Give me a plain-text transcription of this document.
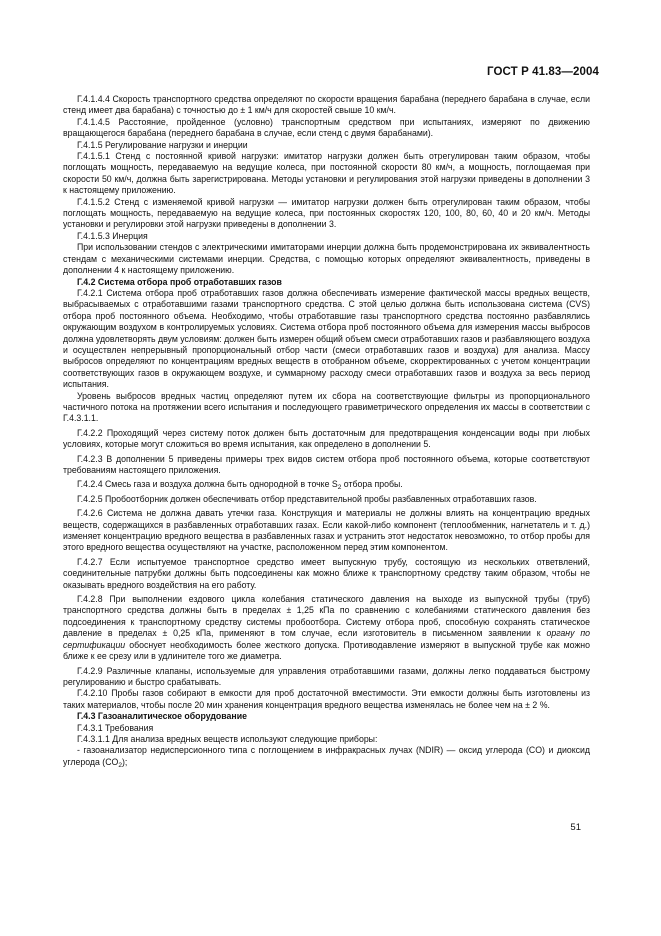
ГОСТ Р 41.83—2004

Г.4.1.4.4 Скорость транспортного средства определяют по скорости вращения барабана (переднего барабана в случае, если стенд имеет два барабана) с точностью до ± 1 км/ч для скоростей свыше 10 км/ч.

Г.4.1.4.5 Расстояние, пройденное (условно) транспортным средством при испытаниях, измеряют по движению вращающегося барабана (переднего барабана в случае, если стенд с двумя барабанами).

Г.4.1.5 Регулирование нагрузки и инерции

Г.4.1.5.1 Стенд с постоянной кривой нагрузки: имитатор нагрузки должен быть отрегулирован таким образом, чтобы поглощать мощность, передаваемую на ведущие колеса, при постоянной скорости 80 км/ч, а мощность, поглощаемая при скорости 50 км/ч, должна быть зарегистрирована. Методы установки и регулирования этой нагрузки приведены в дополнении 3 к настоящему приложению.

Г.4.1.5.2 Стенд с изменяемой кривой нагрузки — имитатор нагрузки должен быть отрегулирован таким образом, чтобы поглощать мощность, передаваемую на ведущие колеса, при постоянных скоростях 120, 100, 80, 60, 40 и 20 км/ч. Методы установки и регулировки этой нагрузки приведены в дополнении 3.

Г.4.1.5.3 Инерция

При использовании стендов с электрическими имитаторами инерции должна быть продемонстрирована их эквивалентность стендам с механическими системами инерции. Средства, с помощью которых определяют эквивалентность, приведены в дополнении 4 к настоящему приложению.

Г.4.2 Система отбора проб отработавших газов

Г.4.2.1 Система отбора проб отработавших газов должна обеспечивать измерение фактической массы вредных веществ, выбрасываемых с отработавшими газами транспортного средства. С этой целью должна быть использована система (CVS) отбора проб постоянного объема. Необходимо, чтобы отработавшие газы транспортного средства постоянно разбавлялись окружающим воздухом в контролируемых условиях. Система отбора проб постоянного объема для измерения массы выбросов должна удовлетворять двум условиям: должен быть измерен общий объем смеси отработавших газов и разбавляющего воздуха и осуществлен непрерывный пропорциональный отбор части (смеси отработавших газов и воздуха) для анализа. Массу выбросов определяют по концентрациям вредных веществ в отобранном объеме, скорректированных с учетом концентрации соответствующих газов в окружающем воздухе, и суммарному расходу смеси отработавших газов и воздуха за весь период испытания.

Уровень выбросов вредных частиц определяют путем их сбора на соответствующие фильтры из пропорционального частичного потока на протяжении всего испытания и последующего гравиметрического определения их массы в соответствии с Г.4.3.1.1.

Г.4.2.2 Проходящий через систему поток должен быть достаточным для предотвращения конденсации воды при любых условиях, которые могут сложиться во время испытания, как определено в дополнении 5.

Г.4.2.3 В дополнении 5 приведены примеры трех видов систем отбора проб постоянного объема, которые соответствуют требованиям настоящего приложения.

Г.4.2.4 Смесь газа и воздуха должна быть однородной в точке $S_2$ отбора пробы.

Г.4.2.5 Пробоотборник должен обеспечивать отбор представительной пробы разбавленных отработавших газов.

Г.4.2.6 Система не должна давать утечки газа. Конструкция и материалы не должны влиять на концентрацию вредных веществ, содержащихся в разбавленных отработавших газах. Если какой-либо компонент (теплообменник, нагнетатель и т. д.) изменяет концентрацию вредного вещества в разбавленных газах и устранить этот недостаток невозможно, то отбор пробы для этого вредного вещества осуществляют на участке, расположенном перед этим компонентом.

Г.4.2.7 Если испытуемое транспортное средство имеет выпускную трубу, состоящую из нескольких ответвлений, соединительные патрубки должны быть подсоединены как можно ближе к транспортному средству таким образом, чтобы не оказывать вредного воздействия на его работу.

Г.4.2.8 При выполнении ездового цикла колебания статического давления на выходе из выпускной трубы (труб) транспортного средства должны быть в пределах ± 1,25 кПа по сравнению с колебаниями статического давления без подсоединения к транспортному средству системы пробоотбора. Систему отбора проб, способную сохранять статическое давление в пределах ± 0,25 кПа, применяют в том случае, если изготовитель в письменном заявлении к органу по сертификации обоснует необходимость более жесткого допуска. Противодавление измеряют в выпускной трубе как можно ближе к ее срезу или в удлинителе того же диаметра.

Г.4.2.9 Различные клапаны, используемые для управления отработавшими газами, должны легко поддаваться быстрому регулированию и быстро срабатывать.

Г.4.2.10 Пробы газов собирают в емкости для проб достаточной вместимости. Эти емкости должны быть изготовлены из таких материалов, чтобы после 20 мин хранения концентрация вредного вещества изменялась не более чем на ± 2 %.

Г.4.3 Газоаналитическое оборудование

Г.4.3.1 Требования

Г.4.3.1.1 Для анализа вредных веществ используют следующие приборы:

- газоанализатор недисперсионного типа с поглощением в инфракрасных лучах (NDIR) — оксид углерода (CO) и диоксид углерода $(CO_2)$;

51
